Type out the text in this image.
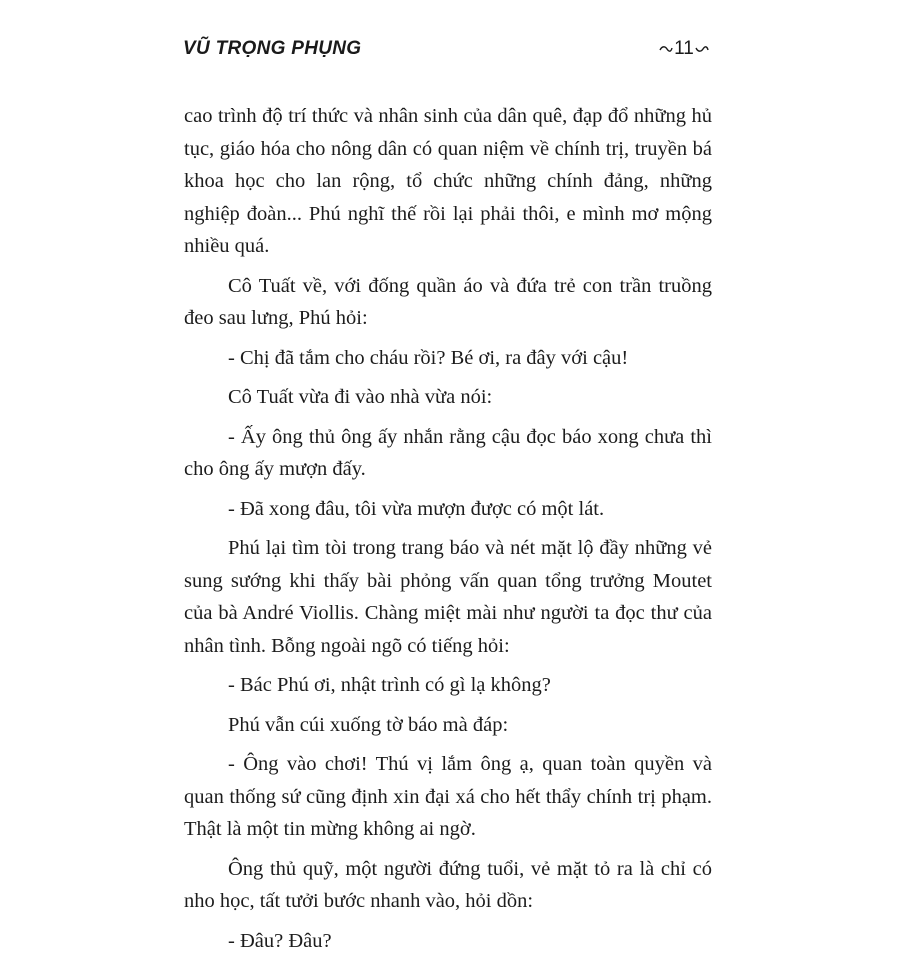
VŨ TRỌNG PHỤNG	11

cao trình độ trí thức và nhân sinh của dân quê, đạp đổ những hủ tục, giáo hóa cho nông dân có quan niệm về chính trị, truyền bá khoa học cho lan rộng, tổ chức những chính đảng, những nghiệp đoàn... Phú nghĩ thế rồi lại phải thôi, e mình mơ mộng nhiều quá.

Cô Tuất về, với đống quần áo và đứa trẻ con trần truồng đeo sau lưng, Phú hỏi:

- Chị đã tắm cho cháu rồi? Bé ơi, ra đây với cậu!

Cô Tuất vừa đi vào nhà vừa nói:

- Ấy ông thủ ông ấy nhắn rằng cậu đọc báo xong chưa thì cho ông ấy mượn đấy.

- Đã xong đâu, tôi vừa mượn được có một lát.

Phú lại tìm tòi trong trang báo và nét mặt lộ đầy những vẻ sung sướng khi thấy bài phỏng vấn quan tổng trưởng Moutet của bà André Viollis. Chàng miệt mài như người ta đọc thư của nhân tình. Bỗng ngoài ngõ có tiếng hỏi:

- Bác Phú ơi, nhật trình có gì lạ không?

Phú vẫn cúi xuống tờ báo mà đáp:

- Ông vào chơi! Thú vị lắm ông ạ, quan toàn quyền và quan thống sứ cũng định xin đại xá cho hết thẩy chính trị phạm. Thật là một tin mừng không ai ngờ.

Ông thủ quỹ, một người đứng tuổi, vẻ mặt tỏ ra là chỉ có nho học, tất tưởi bước nhanh vào, hỏi dồn:

- Đâu? Đâu?
